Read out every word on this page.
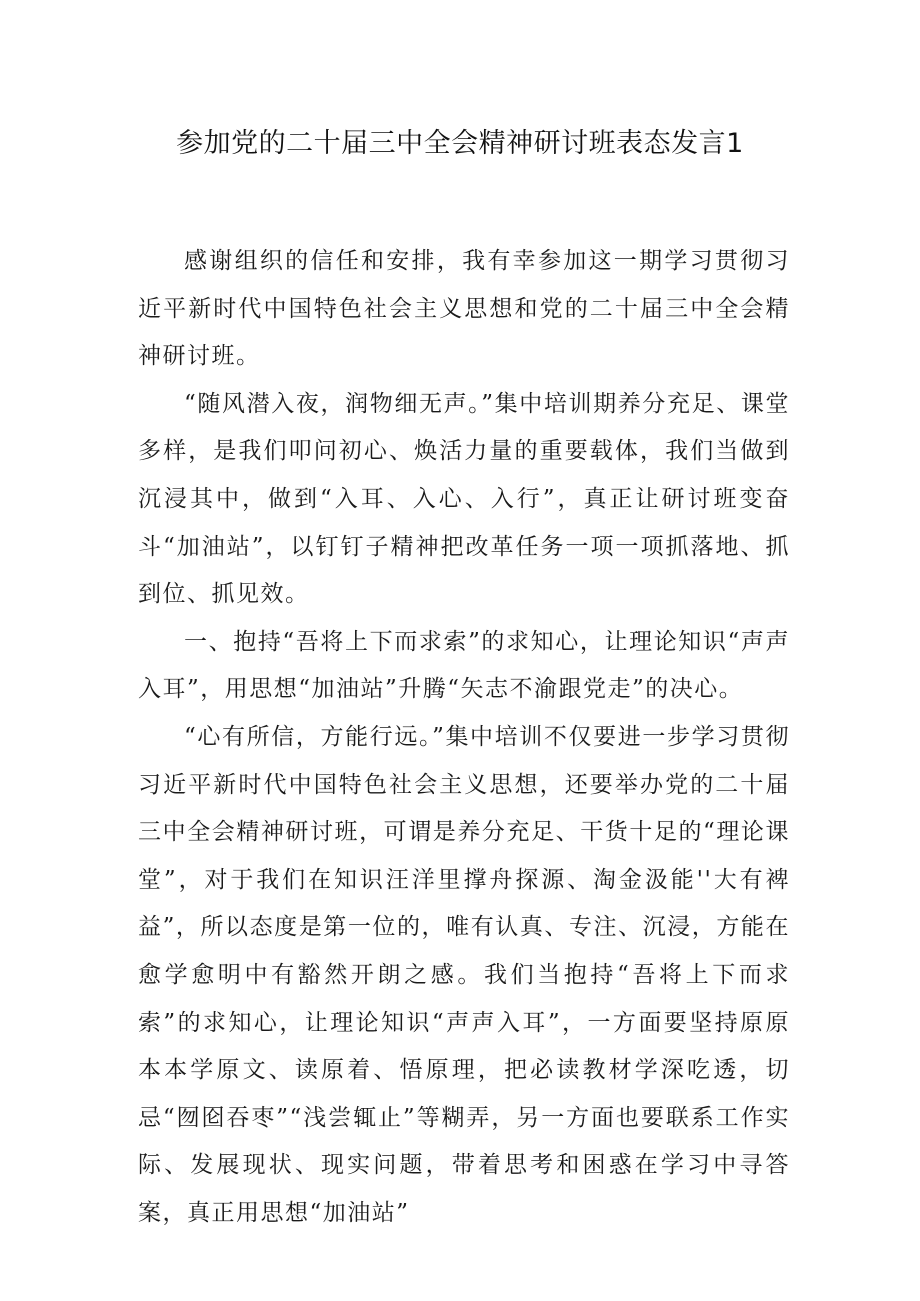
参加党的二十届三中全会精神研讨班表态发言1

感谢组织的信任和安排，我有幸参加这一期学习贯彻习近平新时代中国特色社会主义思想和党的二十届三中全会精神研讨班。

“随风潜入夜，润物细无声。”集中培训期养分充足、课堂多样，是我们叩问初心、焕活力量的重要载体，我们当做到沉浸其中，做到“入耳、入心、入行”，真正让研讨班变奋斗“加油站”，以钉钉子精神把改革任务一项一项抓落地、抓到位、抓见效。

一、抱持“吾将上下而求索”的求知心，让理论知识“声声入耳”，用思想“加油站”升腾“矢志不渝跟党走”的决心。

“心有所信，方能行远。”集中培训不仅要进一步学习贯彻习近平新时代中国特色社会主义思想，还要举办党的二十届三中全会精神研讨班，可谓是养分充足、干货十足的“理论课堂”，对于我们在知识汪洋里撑舟探源、淘金汲能''大有裨益”，所以态度是第一位的，唯有认真、专注、沉浸，方能在愈学愈明中有豁然开朗之感。我们当抱持“吾将上下而求索”的求知心，让理论知识“声声入耳”，一方面要坚持原原本本学原文、读原着、悟原理，把必读教材学深吃透，切忌“囫囵吞枣”“浅尝辄止”等糊弄，另一方面也要联系工作实际、发展现状、现实问题，带着思考和困惑在学习中寻答案，真正用思想“加油站”
